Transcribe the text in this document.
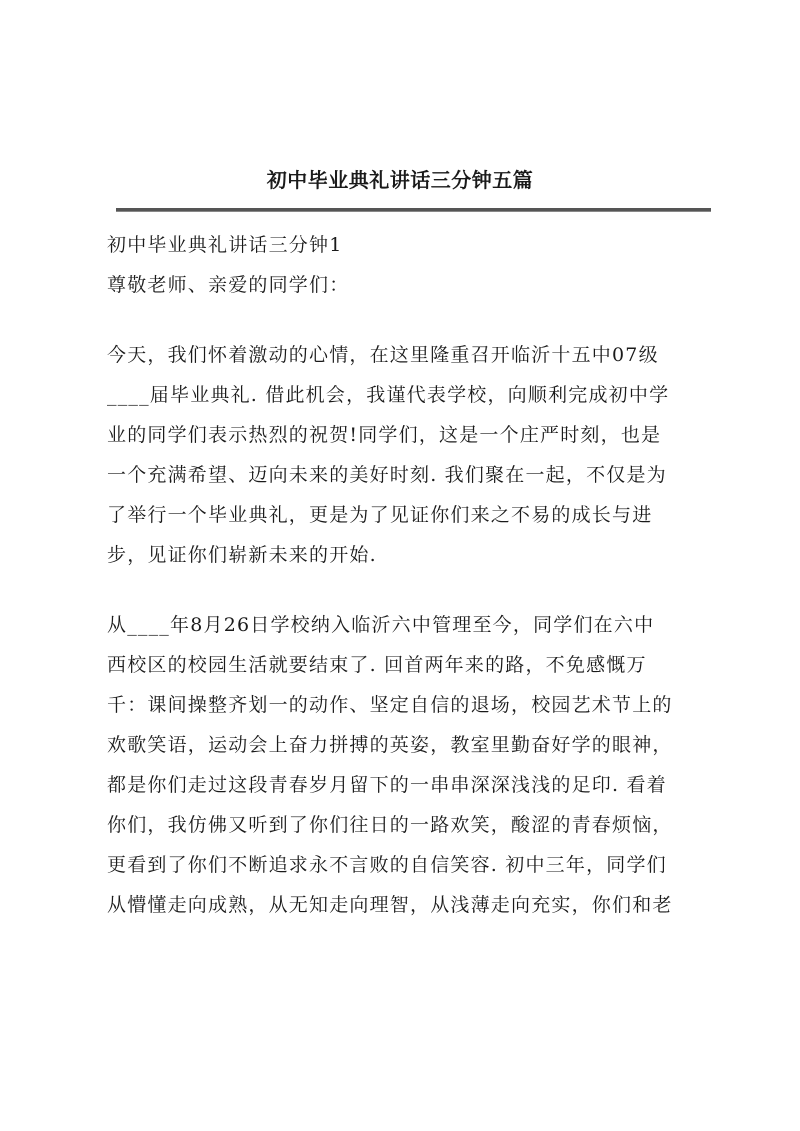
初中毕业典礼讲话三分钟五篇
初中毕业典礼讲话三分钟1
尊敬老师、亲爱的同学们：
今天，我们怀着激动的心情，在这里隆重召开临沂十五中07级
____届毕业典礼. 借此机会，我谨代表学校，向顺利完成初中学
业的同学们表示热烈的祝贺!同学们，这是一个庄严时刻，也是
一个充满希望、迈向未来的美好时刻. 我们聚在一起，不仅是为
了举行一个毕业典礼，更是为了见证你们来之不易的成长与进
步，见证你们崭新未来的开始.
从____年8月26日学校纳入临沂六中管理至今，同学们在六中
西校区的校园生活就要结束了. 回首两年来的路，不免感慨万
千：课间操整齐划一的动作、坚定自信的退场，校园艺术节上的
欢歌笑语，运动会上奋力拼搏的英姿，教室里勤奋好学的眼神，
都是你们走过这段青春岁月留下的一串串深深浅浅的足印. 看着
你们，我仿佛又听到了你们往日的一路欢笑，酸涩的青春烦恼，
更看到了你们不断追求永不言败的自信笑容. 初中三年，同学们
从懵懂走向成熟，从无知走向理智，从浅薄走向充实，你们和老
